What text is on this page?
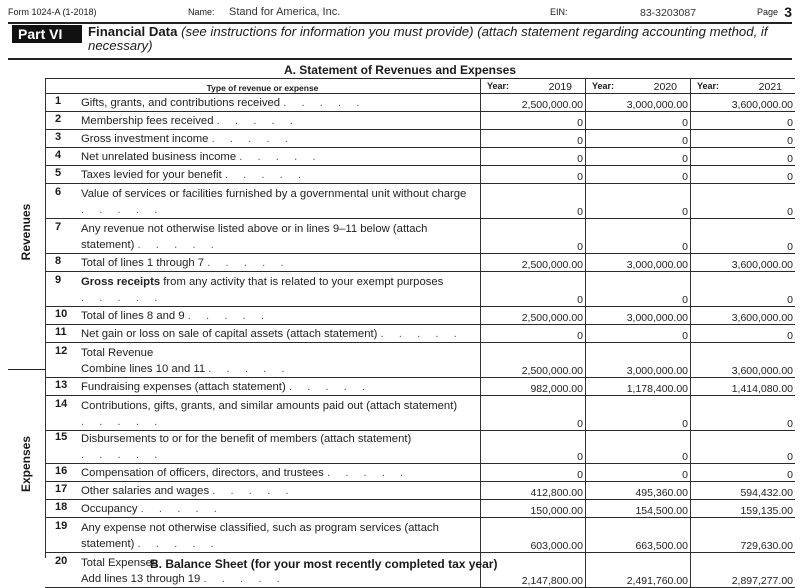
Form 1024-A (1-2018)	Name: Stand for America, Inc.	EIN:	83-3203087	Page 3
Part VI	Financial Data (see instructions for information you must provide) (attach statement regarding accounting method, if necessary)
A. Statement of Revenues and Expenses
Revenues
Expenses
Type of revenue or expense	Year: 2019	Year: 2020	Year: 2021

1 Gifts, grants, and contributions received . . . . .	2,500,000.00	3,000,000.00	3,600,000.00

2 Membership fees received . . . . .	0	0	0

3 Gross investment income . . . . .	0	0	0

4 Net unrelated business income . . . . .	0	0	0

5 Taxes levied for your benefit . . . . .	0	0	0

6 Value of services or facilities furnished by a governmental unit without charge . . . . .	0	0	0

7 Any revenue not otherwise listed above or in lines 9–11 below (attach statement) . . . . .	0	0	0

8 Total of lines 1 through 7 . . . . .	2,500,000.00	3,000,000.00	3,600,000.00

9 Gross receipts from any activity that is related to your exempt purposes . . . . .	0	0	0

10 Total of lines 8 and 9 . . . . .	2,500,000.00	3,000,000.00	3,600,000.00

11 Net gain or loss on sale of capital assets (attach statement) . . . . .	0	0	0

12 Total Revenue
Combine lines 10 and 11 . . . . .	2,500,000.00	3,000,000.00	3,600,000.00

13 Fundraising expenses (attach statement) . . . . .	982,000.00	1,178,400.00	1,414,080.00

14 Contributions, gifts, grants, and similar amounts paid out (attach statement) . . . . .	0	0	0

15 Disbursements to or for the benefit of members (attach statement) . . . . .	0	0	0

16 Compensation of officers, directors, and trustees . . . . .	0	0	0

17 Other salaries and wages . . . . .	412,800.00	495,360.00	594,432.00

18 Occupancy . . . . .	150,000.00	154,500.00	159,135.00

19 Any expense not otherwise classified, such as program services (attach statement) . . . . .	603,000.00	663,500.00	729,630.00

20 Total Expenses
Add lines 13 through 19 . . . . .	2,147,800.00	2,491,760.00	2,897,277.00
B. Balance Sheet (for your most recently completed tax year)
